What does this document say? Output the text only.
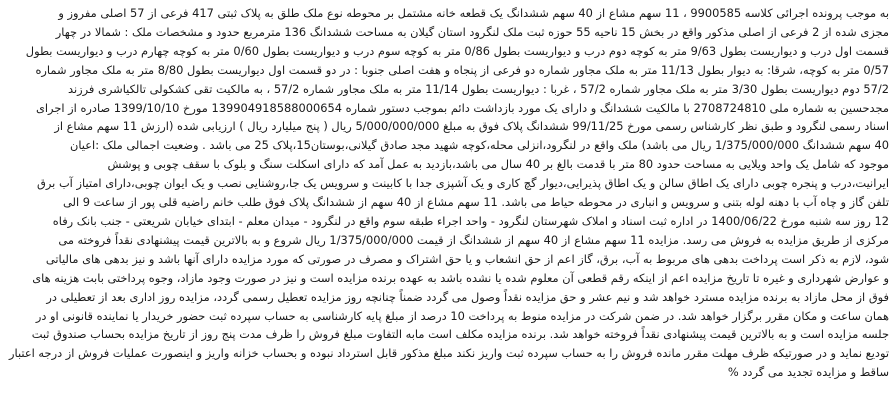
به موجب پرونده اجرائی کلاسه 9900585 ، 11 سهم مشاع از 40 سهم ششدانگ یک قطعه خانه مشتمل بر محوطه نوع ملک طلق به پلاک ثبتی 417 فرعی از 57 اصلی مفروز و
مجزی شده از 2 فرعی از اصلی مذکور واقع در بخش 15 ناحیه 55 حوزه ثبت ملک لنگرود استان گیلان به مساحت ششدانگ 136 مترمربع حدود و مشخصات ملک : شمالا در چهار
قسمت اول درب و دیواریست بطول 9/63 متر به کوچه دوم درب و دیواریست بطول 0/86 متر به کوچه سوم درب و دیواریست بطول 0/60 متر به کوچه چهارم درب و دیواریست بطول
0/57 متر به کوچه، شرقا: به دیوار بطول 11/13 متر به ملک مجاور شماره دو فرعی از پنجاه و هفت اصلی جنوبا : در دو قسمت اول دیواریست بطول 8/80 متر به ملک مجاور شماره
57/2 دوم دیواریست بطول 3/30 متر به ملک مجاور شماره 57/2 ، غربا : دیواریست بطول 11/14 متر به ملک مجاور شماره 57/2 ، به مالکیت تقی کشکولی تالکیاشری فرزند
مجدحسین به شماره ملی 2708724810 با مالکیت ششدانگ و دارای یک مورد بازداشت دائم بموجب دستور شماره 139904918588000654 مورخ 1399/10/10 صادره از اجرای
اسناد رسمی لنگرود و طبق نظر کارشناس رسمی مورخ 99/11/25 ششدانگ پلاک فوق به مبلغ 5/000/000/000 ریال ( پنج میلیارد ریال ) ارزیابی شده (ارزش 11 سهم مشاع از
40 سهم ششدانگ 1/375/000/000 ریال می باشد) ملک واقع در لنگرود،انزلی محله،کوچه شهید مجد صادق گیلانی،بوستان15،پلاک 25 می باشد . وضعیت اجمالی ملک :اعیان
موجود که شامل یک واحد ویلایی به مساحت حدود 80 متر با قدمت بالغ بر 40 سال می باشد،بازدید به عمل آمد که دارای اسکلت سنگ و بلوک با سقف چوبی و پوشش
ایرانیت،درب و پنجره چوبی دارای یک اطاق سالن و یک اطاق پذیرایی،دیوار گچ کاری و یک آشپزی جدا با کابینت و سرویس یک جا،روشنایی نصب و یک ایوان چوبی،دارای امتیاز آب برق
تلفن گاز و چاه آب با دهنه لوله بتنی و سرویس و انباری در محوطه حیاط می باشد. 11 سهم مشاع از 40 سهم از ششدانگ پلاک فوق طلب خانم راضیه قلی پور از ساعت 9 الی
12 روز سه شنبه مورخ 1400/06/22 در اداره ثبت اسناد و املاک شهرستان لنگرود - واحد اجراء طبقه سوم واقع در لنگرود - میدان معلم - ابتدای خیابان شریعتی - جنب بانک رفاه
مرکزی از طریق مزایده به فروش می رسد. مزایده 11 سهم مشاع از 40 سهم از ششدانگ از قیمت 1/375/000/000 ریال شروع و به بالاترین قیمت پیشنهادی نقداً فروخته می
شود، لازم به ذکر است پرداخت بدهی های مربوط به آب، برق، گاز اعم از حق انشعاب و یا حق اشتراک و مصرف در صورتی که مورد مزایده دارای آنها باشد و نیز بدهی های مالیاتی
و عوارض شهرداری و غیره تا تاریخ مزایده اعم از اینکه رقم قطعی آن معلوم شده یا نشده باشد به عهده برنده مزایده است و نیز در صورت وجود مازاد، وجوه پرداختی بابت هزینه های
فوق از محل مازاد به برنده مزایده مسترد خواهد شد و نیم عشر و حق مزایده نقداً وصول می گردد ضمناً چنانچه روز مزایده تعطیل رسمی گردد، مزایده روز اداری بعد از تعطیلی در
همان ساعت و مکان مقرر برگزار خواهد شد. در ضمن شرکت در مزایده منوط به پرداخت 10 درصد از مبلغ پایه کارشناسی به حساب سپرده ثبت حضور خریدار یا نماینده قانونی او در
جلسه مزایده است و به بالاترین قیمت پیشنهادی نقداً فروخته خواهد شد. برنده مزایده مکلف است مابه التفاوت مبلغ فروش را ظرف مدت پنج روز از تاریخ مزایده بحساب صندوق ثبت
تودیع نماید و در صورتیکه ظرف مهلت مقرر مانده فروش را به حساب سپرده ثبت واریز نکند مبلغ مذکور قابل استرداد نبوده و بحساب خزانه واریز و اینصورت عملیات فروش از درجه اعتبار
ساقط و مزایده تجدید می گردد %
